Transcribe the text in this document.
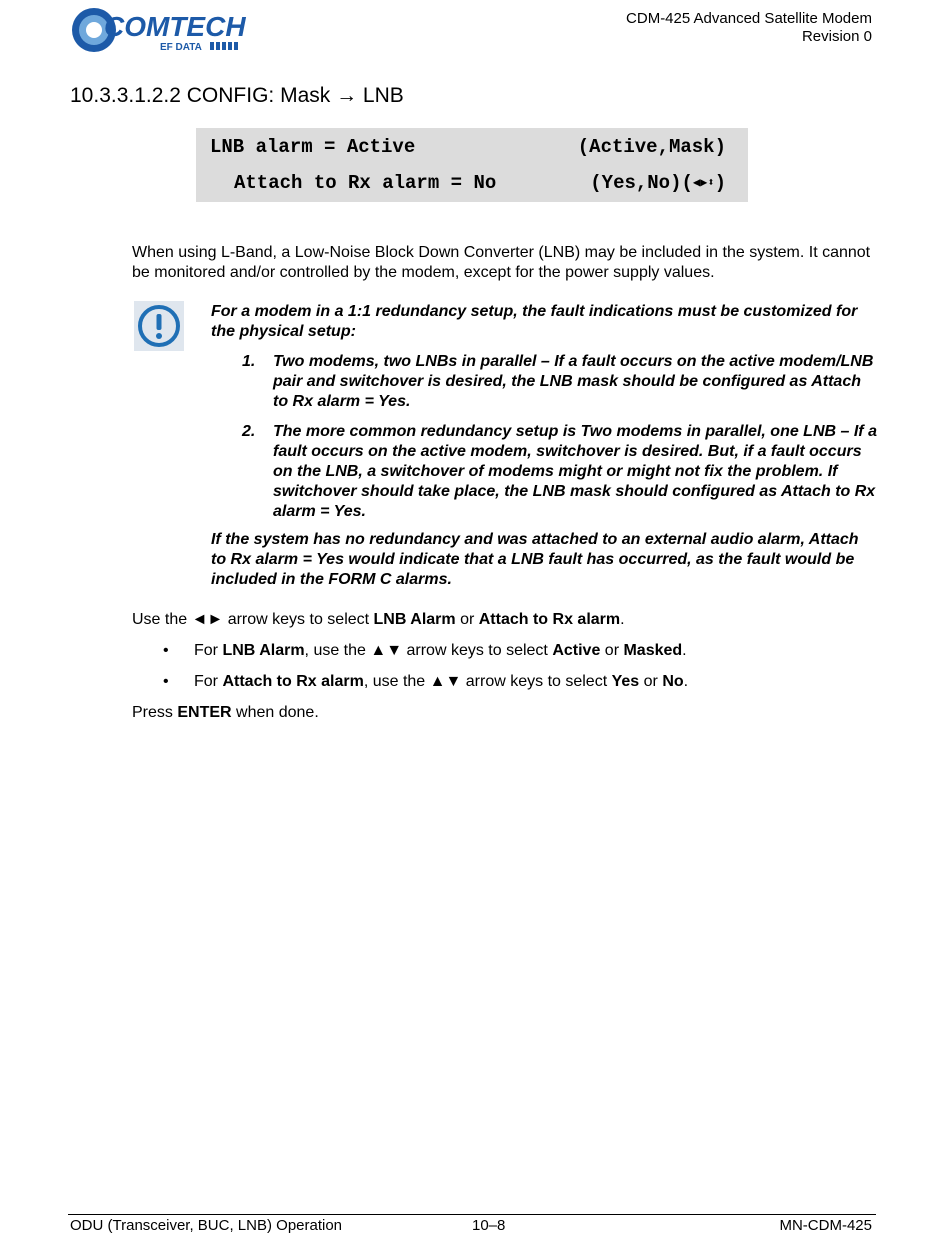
COMTECH
EF DATA
CDM-425 Advanced Satellite Modem
Revision 0
10.3.3.1.2.2 CONFIG: Mask → LNB
LNB alarm = Active	(Active,Mask)
Attach to Rx alarm = No	(Yes,No)(◀▶⬍)
When using L-Band, a Low-Noise Block Down Converter (LNB) may be included in the system. It cannot be monitored and/or controlled by the modem, except for the power supply values.
For a modem in a 1:1 redundancy setup, the fault indications must be customized for the physical setup:
1. Two modems, two LNBs in parallel – If a fault occurs on the active modem/LNB pair and switchover is desired, the LNB mask should be configured as Attach to Rx alarm = Yes.
2. The more common redundancy setup is Two modems in parallel, one LNB – If a fault occurs on the active modem, switchover is desired. But, if a fault occurs on the LNB, a switchover of modems might or might not fix the problem. If switchover should take place, the LNB mask should configured as Attach to Rx alarm = Yes.
If the system has no redundancy and was attached to an external audio alarm, Attach to Rx alarm = Yes would indicate that a LNB fault has occurred, as the fault would be included in the FORM C alarms.
Use the ◄► arrow keys to select LNB Alarm or Attach to Rx alarm.
• For LNB Alarm, use the ▲▼ arrow keys to select Active or Masked.
• For Attach to Rx alarm, use the ▲▼ arrow keys to select Yes or No.
Press ENTER when done.
ODU (Transceiver, BUC, LNB) Operation	10–8	MN-CDM-425
